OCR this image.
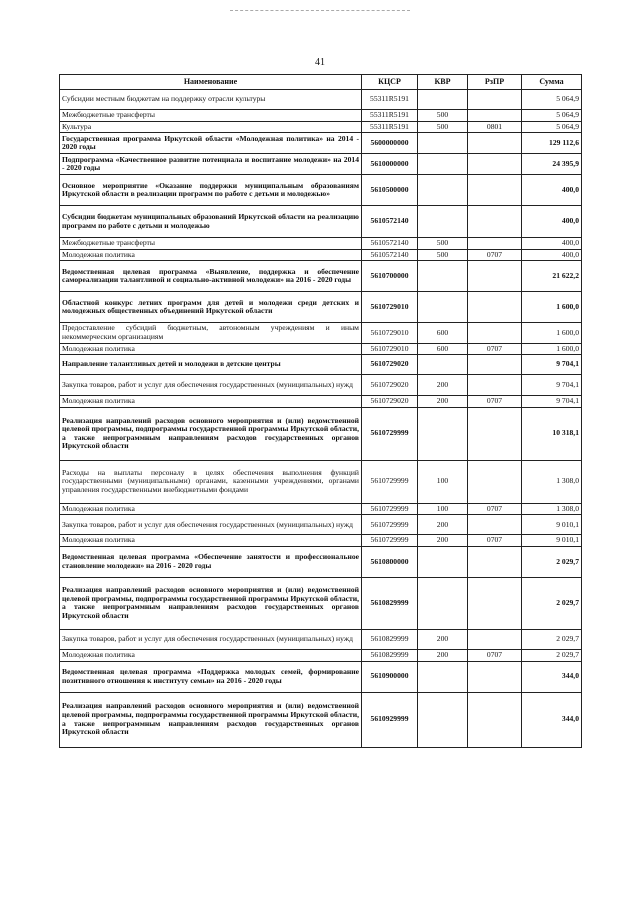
41
Наименование	КЦСР	КВР	РзПР	Сумма
Субсидии местным бюджетам на поддержку отрасли культуры	55311R5191			5 064,9
Межбюджетные трансферты	55311R5191	500		5 064,9
Культура	55311R5191	500	0801	5 064,9
Государственная программа Иркутской области «Молодежная политика» на 2014 - 2020 годы	5600000000			129 112,6
Подпрограмма «Качественное развитие потенциала и воспитание молодежи» на 2014 - 2020 годы	5610000000			24 395,9
Основное мероприятие «Оказание поддержки муниципальным образованиям Иркутской области в реализации программ по работе с детьми и молодежью»	5610500000			400,0
Субсидии бюджетам муниципальных образований Иркутской области на реализацию программ по работе с детьми и молодежью	5610572140			400,0
Межбюджетные трансферты	5610572140	500		400,0
Молодежная политика	5610572140	500	0707	400,0
Ведомственная целевая программа «Выявление, поддержка и обеспечение самореализации талантливой и социально-активной молодежи» на 2016 - 2020 годы	5610700000			21 622,2
Областной конкурс летних программ для детей и молодежи среди детских и молодежных общественных объединений Иркутской области	5610729010			1 600,0
Предоставление субсидий бюджетным, автономным учреждениям и иным некоммерческим организациям	5610729010	600		1 600,0
Молодежная политика	5610729010	600	0707	1 600,0
Направление талантливых детей и молодежи в детские центры	5610729020			9 704,1
Закупка товаров, работ и услуг для обеспечения государственных (муниципальных) нужд	5610729020	200		9 704,1
Молодежная политика	5610729020	200	0707	9 704,1
Реализация направлений расходов основного мероприятия и (или) ведомственной целевой программы, подпрограммы государственной программы Иркутской области, а также непрограммным направлениям расходов государственных органов Иркутской области	5610729999			10 318,1
Расходы на выплаты персоналу в целях обеспечения выполнения функций государственными (муниципальными) органами, казенными учреждениями, органами управления государственными внебюджетными фондами	5610729999	100		1 308,0
Молодежная политика	5610729999	100	0707	1 308,0
Закупка товаров, работ и услуг для обеспечения государственных (муниципальных) нужд	5610729999	200		9 010,1
Молодежная политика	5610729999	200	0707	9 010,1
Ведомственная целевая программа «Обеспечение занятости и профессиональное становление молодежи» на 2016 - 2020 годы	5610800000			2 029,7
Реализация направлений расходов основного мероприятия и (или) ведомственной целевой программы, подпрограммы государственной программы Иркутской области, а также непрограммным направлениям расходов государственных органов Иркутской области	5610829999			2 029,7
Закупка товаров, работ и услуг для обеспечения государственных (муниципальных) нужд	5610829999	200		2 029,7
Молодежная политика	5610829999	200	0707	2 029,7
Ведомственная целевая программа «Поддержка молодых семей, формирование позитивного отношения к институту семьи» на 2016 - 2020 годы	5610900000			344,0
Реализация направлений расходов основного мероприятия и (или) ведомственной целевой программы, подпрограммы государственной программы Иркутской области, а также непрограммным направлениям расходов государственных органов Иркутской области	5610929999			344,0
